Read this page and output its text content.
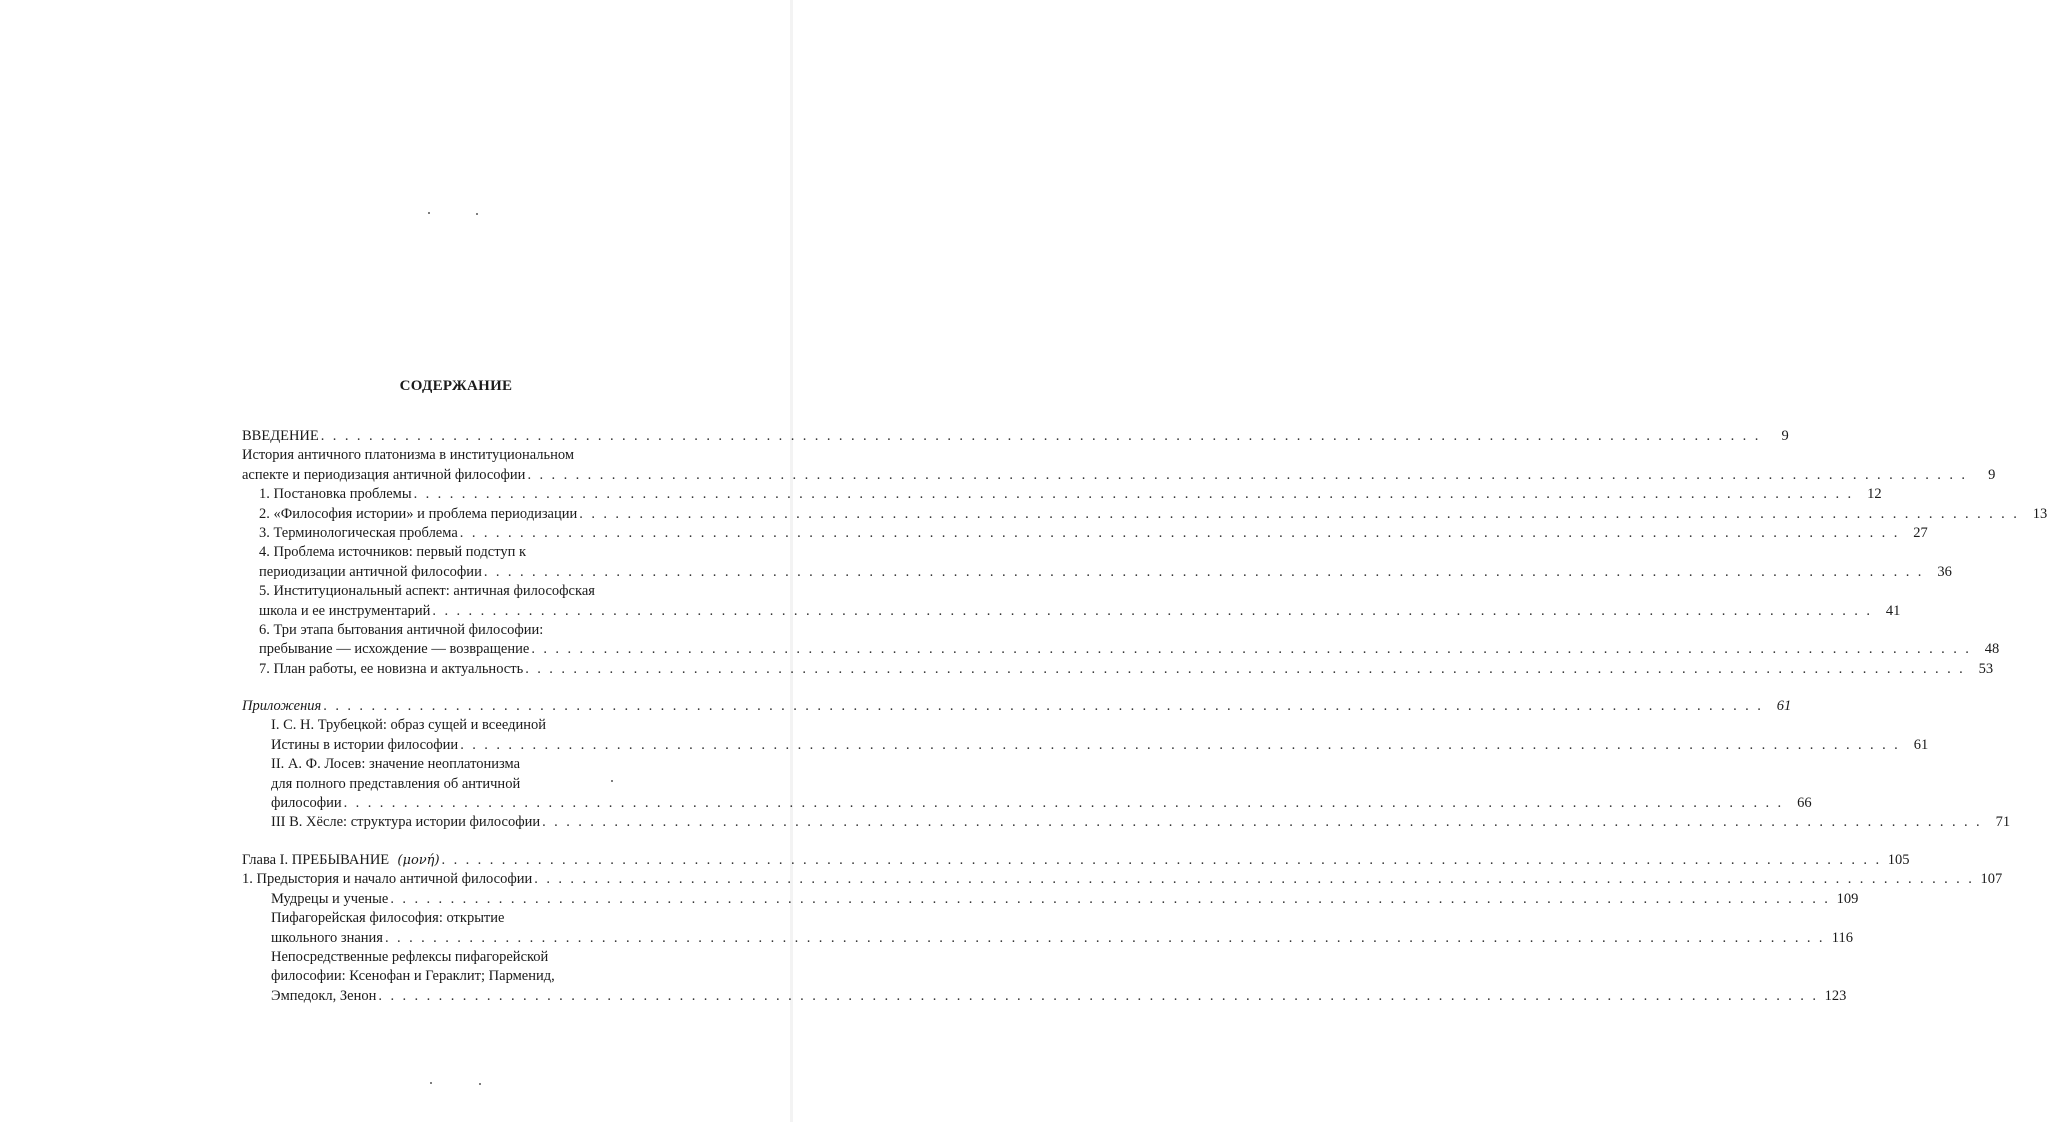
СОДЕРЖАНИЕ
ВВЕДЕНИЕ . . . . . . . . . . . . . . . . . . . . . . . . . . . . . . . . . . . . . . . . . . . . . . . . . . . . . . . . . . . . . . . . . . . . . . . . . . . . . . . . . . . . . . . . . . . . . . . . . . . . . . . . . . . . . . . . . . . . . . . .	9
История античного платонизма в институциональном
аспекте и периодизация античной философии . . . . . . . . . . . . . . . . . . . . . . . . . . . . . . . . . . . . . . . . . . . . . . . . . . . . . . . . . . . . . . . . . . . . . . . . . . . . . . . . . . . . . . . . . . . . . . . . . . . . . . . . . . . . . . . . . . . . . . . .	9
1. Постановка проблемы . . . . . . . . . . . . . . . . . . . . . . . . . . . . . . . . . . . . . . . . . . . . . . . . . . . . . . . . . . . . . . . . . . . . . . . . . . . . . . . . . . . . . . . . . . . . . . . . . . . . . . . . . . . . . . . . . . . . . . . . 12
2. «Философия истории» и проблема периодизации . . . . . . . . . . . . . . . . . . . . . . . . . . . . . . . . . . . . . . . . . . . . . . . . . . . . . . . . . . . . . . . . . . . . . . . . . . . . . . . . . . . . . . . . . . . . . . . . . . . . . . . . . . . . . . . . . . . . . . . . 13
3. Терминологическая проблема . . . . . . . . . . . . . . . . . . . . . . . . . . . . . . . . . . . . . . . . . . . . . . . . . . . . . . . . . . . . . . . . . . . . . . . . . . . . . . . . . . . . . . . . . . . . . . . . . . . . . . . . . . . . . . . . . . . . . . . . 27
4. Проблема источников: первый подступ к
периодизации античной философии . . . . . . . . . . . . . . . . . . . . . . . . . . . . . . . . . . . . . . . . . . . . . . . . . . . . . . . . . . . . . . . . . . . . . . . . . . . . . . . . . . . . . . . . . . . . . . . . . . . . . . . . . . . . . . . . . . . . . . . . 36
5. Институциональный аспект: античная философская
школа и ее инструментарий . . . . . . . . . . . . . . . . . . . . . . . . . . . . . . . . . . . . . . . . . . . . . . . . . . . . . . . . . . . . . . . . . . . . . . . . . . . . . . . . . . . . . . . . . . . . . . . . . . . . . . . . . . . . . . . . . . . . . . . . 41
6. Три этапа бытования античной философии:
пребывание — исхождение — возвращение . . . . . . . . . . . . . . . . . . . . . . . . . . . . . . . . . . . . . . . . . . . . . . . . . . . . . . . . . . . . . . . . . . . . . . . . . . . . . . . . . . . . . . . . . . . . . . . . . . . . . . . . . . . . . . . . . . . . . . . . 48
7. План работы, ее новизна и актуальность . . . . . . . . . . . . . . . . . . . . . . . . . . . . . . . . . . . . . . . . . . . . . . . . . . . . . . . . . . . . . . . . . . . . . . . . . . . . . . . . . . . . . . . . . . . . . . . . . . . . . . . . . . . . . . . . . . . . . . . . 53
Приложения . . . . . . . . . . . . . . . . . . . . . . . . . . . . . . . . . . . . . . . . . . . . . . . . . . . . . . . . . . . . . . . . . . . . . . . . . . . . . . . . . . . . . . . . . . . . . . . . . . . . . . . . . . . . . . . . . . . . . . . . 61
I. С. Н. Трубецкой: образ сущей и всеединой
Истины в истории философии . . . . . . . . . . . . . . . . . . . . . . . . . . . . . . . . . . . . . . . . . . . . . . . . . . . . . . . . . . . . . . . . . . . . . . . . . . . . . . . . . . . . . . . . . . . . . . . . . . . . . . . . . . . . . . . . . . . . . . . . 61
II. А. Ф. Лосев: значение неоплатонизма
для полного представления об античной
философии . . . . . . . . . . . . . . . . . . . . . . . . . . . . . . . . . . . . . . . . . . . . . . . . . . . . . . . . . . . . . . . . . . . . . . . . . . . . . . . . . . . . . . . . . . . . . . . . . . . . . . . . . . . . . . . . . . . . . . . . 66
III В. Хёсле: структура истории философии . . . . . . . . . . . . . . . . . . . . . . . . . . . . . . . . . . . . . . . . . . . . . . . . . . . . . . . . . . . . . . . . . . . . . . . . . . . . . . . . . . . . . . . . . . . . . . . . . . . . . . . . . . . . . . . . . . . . . . . . 71
Глава I. ПРЕБЫВАНИЕ (μονή) . . . . . . . . . . . . . . . . . . . . . . . . . . . . . . . . . . . . . . . . . . . . . . . . . . . . . . . . . . . . . . . . . . . . . . . . . . . . . . . . . . . . . . . . . . . . . . . . . . . . . . . . . . . . . . . . . . . . . . . . 105
1. Предыстория и начало античной философии . . . . . . . . . . . . . . . . . . . . . . . . . . . . . . . . . . . . . . . . . . . . . . . . . . . . . . . . . . . . . . . . . . . . . . . . . . . . . . . . . . . . . . . . . . . . . . . . . . . . . . . . . . . . . . . . . . . . . . . . 107
Мудрецы и ученые . . . . . . . . . . . . . . . . . . . . . . . . . . . . . . . . . . . . . . . . . . . . . . . . . . . . . . . . . . . . . . . . . . . . . . . . . . . . . . . . . . . . . . . . . . . . . . . . . . . . . . . . . . . . . . . . . . . . . . . . 109
Пифагорейская философия: открытие
школьного знания . . . . . . . . . . . . . . . . . . . . . . . . . . . . . . . . . . . . . . . . . . . . . . . . . . . . . . . . . . . . . . . . . . . . . . . . . . . . . . . . . . . . . . . . . . . . . . . . . . . . . . . . . . . . . . . . . . . . . . . . 116
Непосредственные рефлексы пифагорейской
философии: Ксенофан и Гераклит; Парменид,
Эмпедокл, Зенон . . . . . . . . . . . . . . . . . . . . . . . . . . . . . . . . . . . . . . . . . . . . . . . . . . . . . . . . . . . . . . . . . . . . . . . . . . . . . . . . . . . . . . . . . . . . . . . . . . . . . . . . . . . . . . . . . . . . . . . . 123
